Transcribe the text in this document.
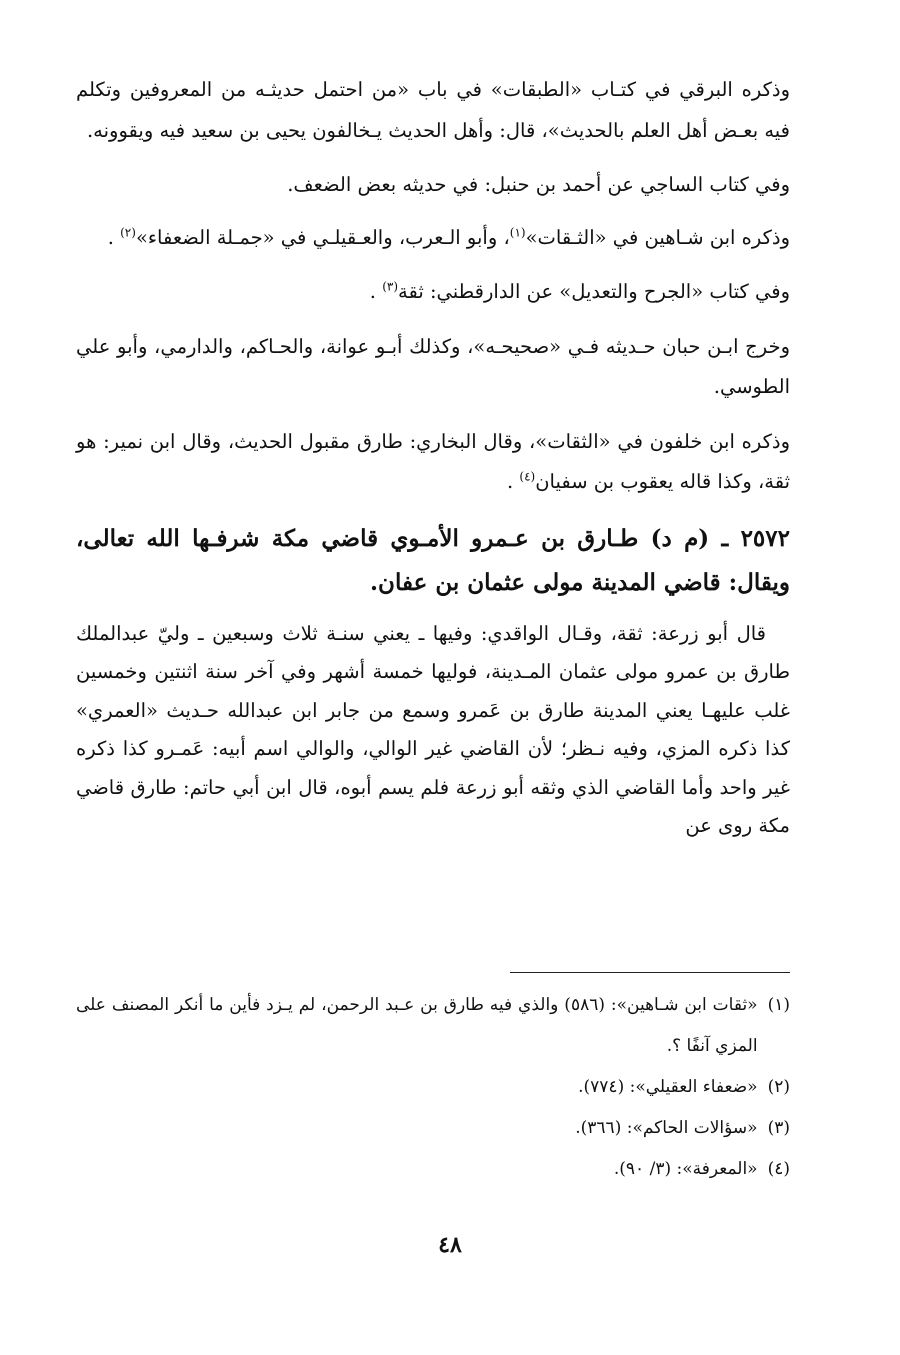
وذكره البرقي في كتـاب «الطبقات» في باب «من احتمل حديثـه من المعروفين وتكلم فيه بعـض أهل العلم بالحديث»، قال: وأهل الحديث يـخالفون يحيى بن سعيد فيه ويقوونه.

وفي كتاب الساجي عن أحمد بن حنبل: في حديثه بعض الضعف.

وذكره ابن شـاهين في «الثـقات»$^{(١)}$، وأبو الـعرب، والعـقيلـي في «جمـلة الضعفاء»$^{(٢)}$ .

وفي كتاب «الجرح والتعديل» عن الدارقطني: ثقة$^{(٣)}$ .

وخرج ابـن حبان حـديثه فـي «صحيحـه»، وكذلك أبـو عوانة، والحـاكم، والدارمي، وأبو علي الطوسي.

وذكره ابن خلفون في «الثقات»، وقال البخاري: طارق مقبول الحديث، وقال ابن نمير: هو ثقة، وكذا قاله يعقوب بن سفيان$^{(٤)}$ .

٢٥٧٢ ـ (م د) طـارق بن عـمرو الأمـوي قاضي مكة شرفـها الله تعالى، ويقال: قاضي المدينة مولى عثمان بن عفان.

قال أبو زرعة: ثقة، وقـال الواقدي: وفيها ـ يعني سنـة ثلاث وسبعين ـ وليّ عبدالملك طارق بن عمرو مولى عثمان المـدينة، فوليها خمسة أشهر وفي آخر سنة اثنتين وخمسين غلب عليهـا يعني المدينة طارق بن عَمرو وسمع من جابر ابن عبدالله حـديث «العمري» كذا ذكره المزي، وفيه نـظر؛ لأن القاضي غير الوالي، والوالي اسم أبيه: عَمـرو كذا ذكره غير واحد وأما القاضي الذي وثقه أبو زرعة فلم يسم أبوه، قال ابن أبي حاتم: طارق قاضي مكة روى عن

(١)
«ثقات ابن شـاهين»: (٥٨٦) والذي فيه طارق بن عـبد الرحمن، لم يـزد فأين ما أنكر المصنف على المزي آنفًا ؟.
(٢)
«ضعفاء العقيلي»: (٧٧٤).
(٣)
«سؤالات الحاكم»: (٣٦٦).
(٤)
«المعرفة»: (٣/ ٩٠).
٤٨
